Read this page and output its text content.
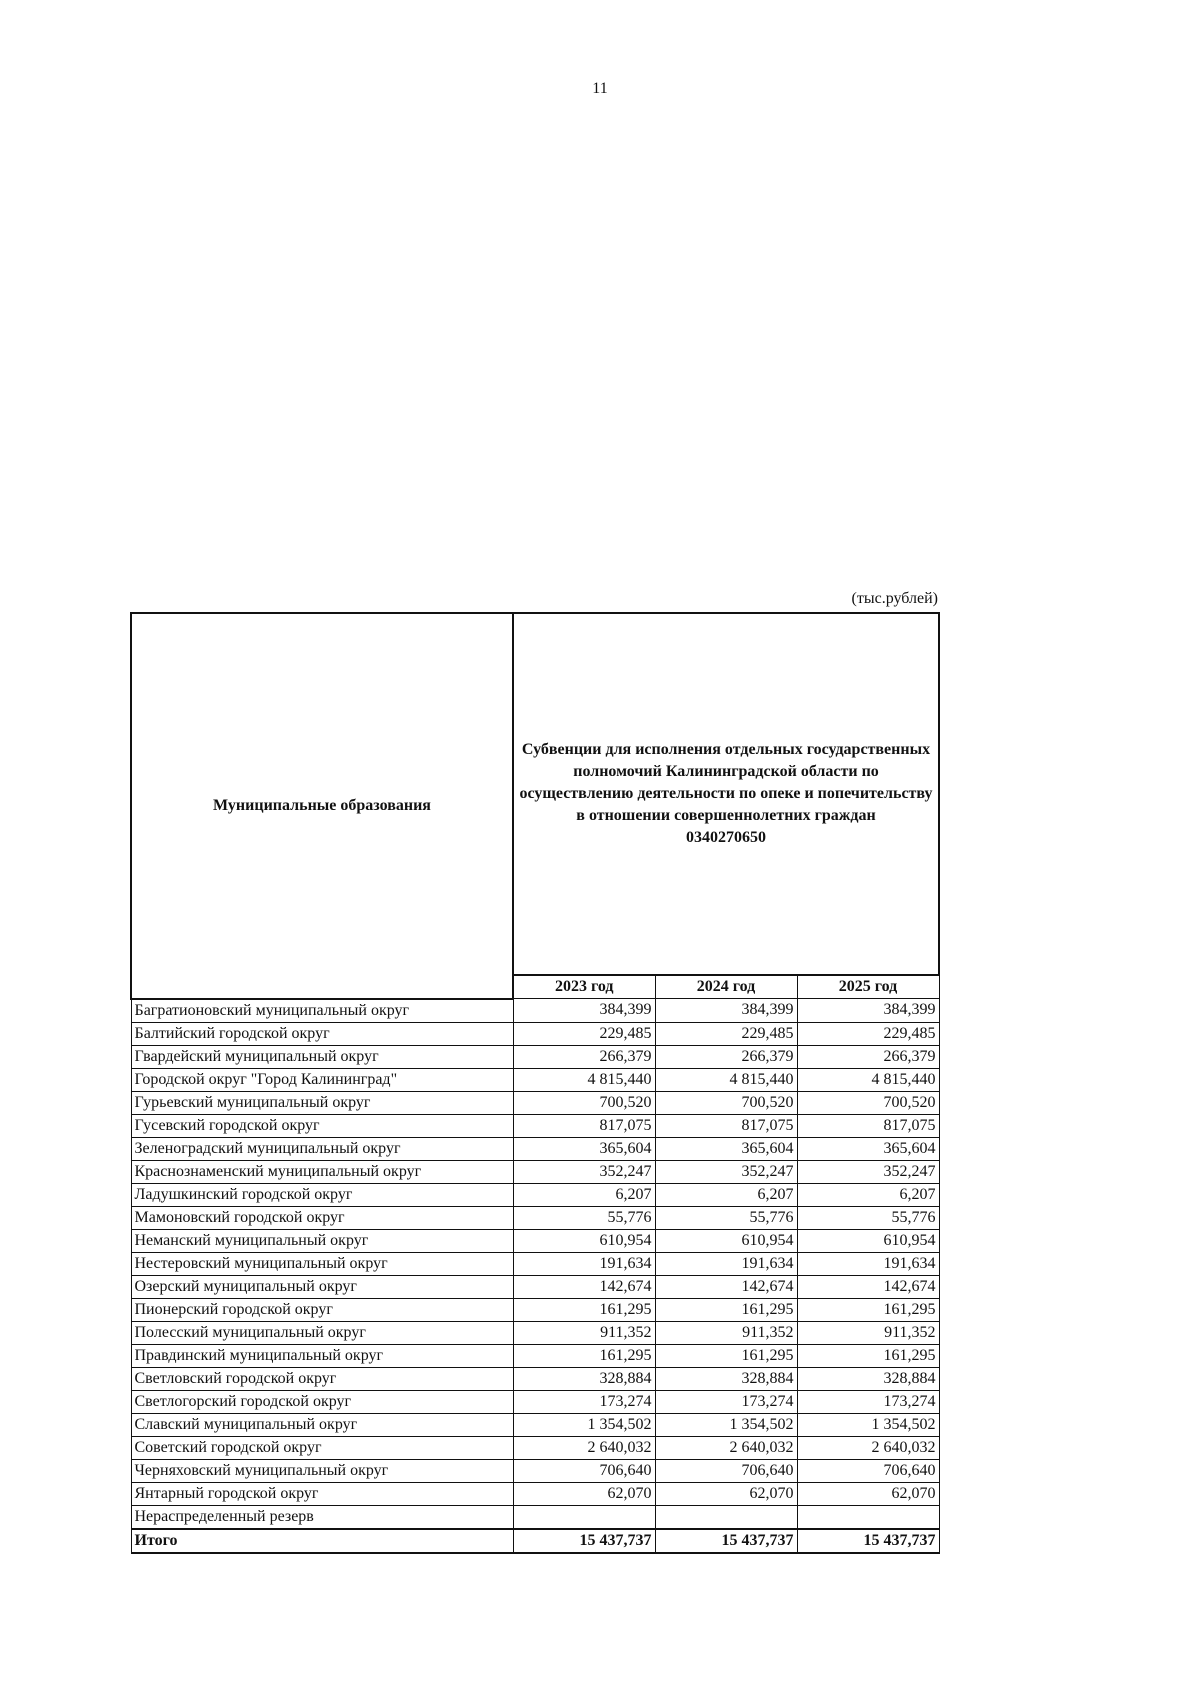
11
(тыс.рублей)
Муниципальные образования	Субвенции для исполнения отдельных государственных полномочий Калининградской области по осуществлению деятельности по опеке и попечительству в отношении совершеннолетних граждан
0340270650		

	2023 год	2024 год	2025 год
Багратионовский муниципальный округ	384,399	384,399	384,399
Балтийский городской округ	229,485	229,485	229,485
Гвардейский муниципальный округ	266,379	266,379	266,379
Городской округ "Город Калининград"	4 815,440	4 815,440	4 815,440
Гурьевский муниципальный округ	700,520	700,520	700,520
Гусевский городской округ	817,075	817,075	817,075
Зеленоградский муниципальный округ	365,604	365,604	365,604
Краснознаменский муниципальный округ	352,247	352,247	352,247
Ладушкинский городской округ	6,207	6,207	6,207
Мамоновский городской округ	55,776	55,776	55,776
Неманский муниципальный округ	610,954	610,954	610,954
Нестеровский муниципальный округ	191,634	191,634	191,634
Озерский муниципальный округ	142,674	142,674	142,674
Пионерский городской округ	161,295	161,295	161,295
Полесский муниципальный округ	911,352	911,352	911,352
Правдинский муниципальный округ	161,295	161,295	161,295
Светловский городской округ	328,884	328,884	328,884
Светлогорский городской округ	173,274	173,274	173,274
Славский муниципальный округ	1 354,502	1 354,502	1 354,502
Советский городской округ	2 640,032	2 640,032	2 640,032
Черняховский муниципальный округ	706,640	706,640	706,640
Янтарный городской округ	62,070	62,070	62,070
Нераспределенный резерв			
Итого	15 437,737	15 437,737	15 437,737
